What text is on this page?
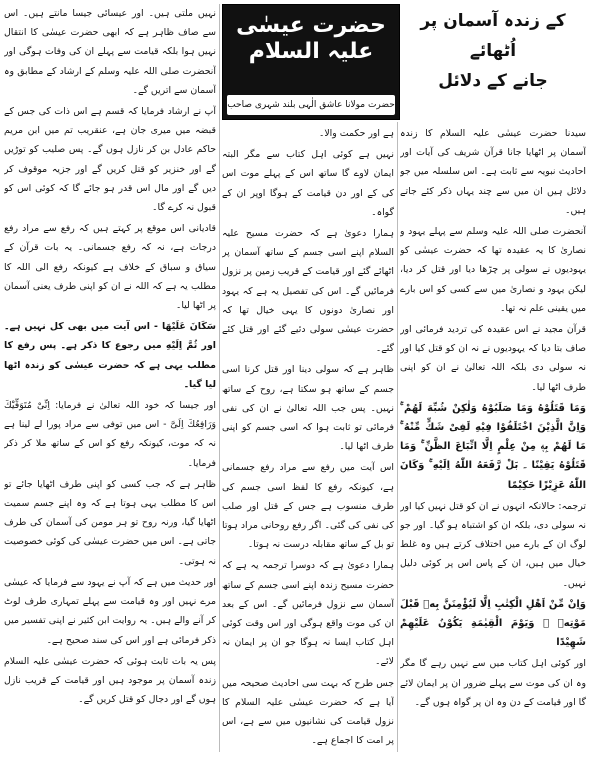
کے زندہ آسمان پر اُٹھائے
جانے کے دلائل
حضرت عیسٰی علیہ السلام
حضرت مولانا عاشق الٰہی بلند شہری صاحب

سیدنا حضرت عیسٰی علیہ السلام کا زندہ آسمان پر اٹھایا جانا قرآن شریف کی آیات اور احادیث نبویہ سے ثابت ہے۔ اس سلسلہ میں جو دلائل ہیں ان میں سے چند یہاں ذکر کئے جاتے ہیں۔

آنحضرت صلی اللہ علیہ وسلم سے پہلے یہود و نصاریٰ کا یہ عقیدہ تھا کہ حضرت عیسٰی کو یہودیوں نے سولی پر چڑھا دیا اور قتل کر دیا، لیکن یہود و نصاریٰ میں سے کسی کو اس بارے میں یقینی علم نہ تھا۔

قرآن مجید نے اس عقیدہ کی تردید فرمائی اور صاف بتا دیا کہ یہودیوں نے نہ ان کو قتل کیا اور نہ سولی دی بلکہ اللہ تعالیٰ نے ان کو اپنی طرف اٹھا لیا۔

وَمَا قَتَلُوْهُ وَمَا صَلَبُوْهُ وَلٰكِنْ شُبِّهَ لَهُمْ ۚ وَاِنَّ الَّذِیْنَ اخْتَلَفُوْا فِیْهِ لَفِیْ شَكٍّ مِّنْهُ ۚ مَا لَهُمْ بِهٖ مِنْ عِلْمٍ اِلَّا اتِّبَاعَ الظَّنِّ ۚ وَمَا قَتَلُوْهُ یَقِیْنًا ۔ بَلْ رَّفَعَهُ اللّٰهُ اِلَیْهِ ۚ وَكَانَ اللّٰهُ عَزِیْزًا حَكِیْمًا

ترجمہ: حالانکہ انہوں نے ان کو قتل نہیں کیا اور نہ سولی دی، بلکہ ان کو اشتباہ ہو گیا۔ اور جو لوگ ان کے بارے میں اختلاف کرتے ہیں وہ غلط خیال میں ہیں، ان کے پاس اس پر کوئی دلیل نہیں۔

وَاِنْ مِّنْ اَهْلِ الْكِتٰبِ اِلَّا لَیُؤْمِنَنَّ بِهٖ قَبْلَ مَوْتِهٖ ۚ وَیَوْمَ الْقِیٰمَةِ یَكُوْنُ عَلَیْهِمْ شَهِیْدًا

اور کوئی اہل کتاب میں سے نہیں رہے گا مگر وہ ان کی موت سے پہلے ضرور ان پر ایمان لائے گا اور قیامت کے دن وہ ان پر گواہ ہوں گے۔

ہے اور حکمت والا۔

نہیں ہے کوئی اہل کتاب سے مگر البتہ ایمان لاوے گا ساتھ اس کے پہلے موت اس کی کے اور دن قیامت کے ہوگا اوپر ان کے گواہ۔

ہمارا دعویٰ ہے کہ حضرت مسیح علیہ السلام اپنے اسی جسم کے ساتھ آسمان پر اٹھائے گئے اور قیامت کے قریب زمین پر نزول فرمائیں گے۔ اس کی تفصیل یہ ہے کہ یہود اور نصاریٰ دونوں کا یہی خیال تھا کہ حضرت عیسٰی سولی دئیے گئے اور قتل کئے گئے۔

ظاہر ہے کہ سولی دینا اور قتل کرنا اسی جسم کے ساتھ ہو سکتا ہے، روح کے ساتھ نہیں۔ پس جب اللہ تعالیٰ نے ان کی نفی فرمائی تو ثابت ہوا کہ اسی جسم کو اپنی طرف اٹھا لیا۔

اس آیت میں رفع سے مراد رفع جسمانی ہے، کیونکہ رفع کا لفظ اسی جسم کی طرف منسوب ہے جس کے قتل اور صلب کی نفی کی گئی۔ اگر رفع روحانی مراد ہوتا تو بل کے ساتھ مقابلہ درست نہ ہوتا۔

ہمارا دعویٰ ہے کہ دوسرا ترجمہ یہ ہے کہ حضرت مسیح زندہ اپنے اسی جسم کے ساتھ آسمان سے نزول فرمائیں گے۔ اس کے بعد ان کی موت واقع ہوگی اور اس وقت کوئی اہل کتاب ایسا نہ ہوگا جو ان پر ایمان نہ لائے۔

جس طرح کہ بہت سی احادیث صحیحہ میں آیا ہے کہ حضرت عیسٰی علیہ السلام کا نزول قیامت کی نشانیوں میں سے ہے، اس پر امت کا اجماع ہے۔

نہیں ملتی ہیں۔ اور عیسائی جیسا مانتے ہیں۔ اس سے صاف ظاہر ہے کہ ابھی حضرت عیسٰی کا انتقال نہیں ہوا بلکہ قیامت سے پہلے ان کی وفات ہوگی اور آنحضرت صلی اللہ علیہ وسلم کے ارشاد کے مطابق وہ آسمان سے اتریں گے۔

آپ نے ارشاد فرمایا کہ قسم ہے اس ذات کی جس کے قبضہ میں میری جان ہے، عنقریب تم میں ابن مریم حاکم عادل بن کر نازل ہوں گے۔ پس صلیب کو توڑیں گے اور خنزیر کو قتل کریں گے اور جزیہ موقوف کر دیں گے اور مال اس قدر ہو جائے گا کہ کوئی اس کو قبول نہ کرے گا۔

قادیانی اس موقع پر کہتے ہیں کہ رفع سے مراد رفع درجات ہے، نہ کہ رفع جسمانی۔ یہ بات قرآن کے سیاق و سباق کے خلاف ہے کیونکہ رفع الی اللہ کا مطلب یہ ہے کہ اللہ نے ان کو اپنی طرف یعنی آسمان پر اٹھا لیا۔

سَکَانَ عَلَیْهَا - اس آیت میں بھی کل نہیں ہے۔ اور ثُمَّ اِلَیْهِ میں رجوع کا ذکر ہے۔ پس رفع کا مطلب یہی ہے کہ حضرت عیسٰی کو زندہ اٹھا لیا گیا۔

اور جیسا کہ خود اللہ تعالیٰ نے فرمایا: اِنِّیْ مُتَوَفِّیْكَ وَرَافِعُكَ اِلَیَّ - اس میں توفی سے مراد پورا لے لینا ہے نہ کہ موت، کیونکہ رفع کو اس کے ساتھ ملا کر ذکر فرمایا۔

ظاہر ہے کہ جب کسی کو اپنی طرف اٹھایا جائے تو اس کا مطلب یہی ہوتا ہے کہ وہ اپنے جسم سمیت اٹھایا گیا، ورنہ روح تو ہر مومن کی آسمان کی طرف جاتی ہے۔ اس میں حضرت عیسٰی کی کوئی خصوصیت نہ ہوتی۔

اور حدیث میں ہے کہ آپ نے یہود سے فرمایا کہ عیسٰی مرے نہیں اور وہ قیامت سے پہلے تمہاری طرف لوٹ کر آنے والے ہیں۔ یہ روایت ابن کثیر نے اپنی تفسیر میں ذکر فرمائی ہے اور اس کی سند صحیح ہے۔

پس یہ بات ثابت ہوئی کہ حضرت عیسٰی علیہ السلام زندہ آسمان پر موجود ہیں اور قیامت کے قریب نازل ہوں گے اور دجال کو قتل کریں گے۔
